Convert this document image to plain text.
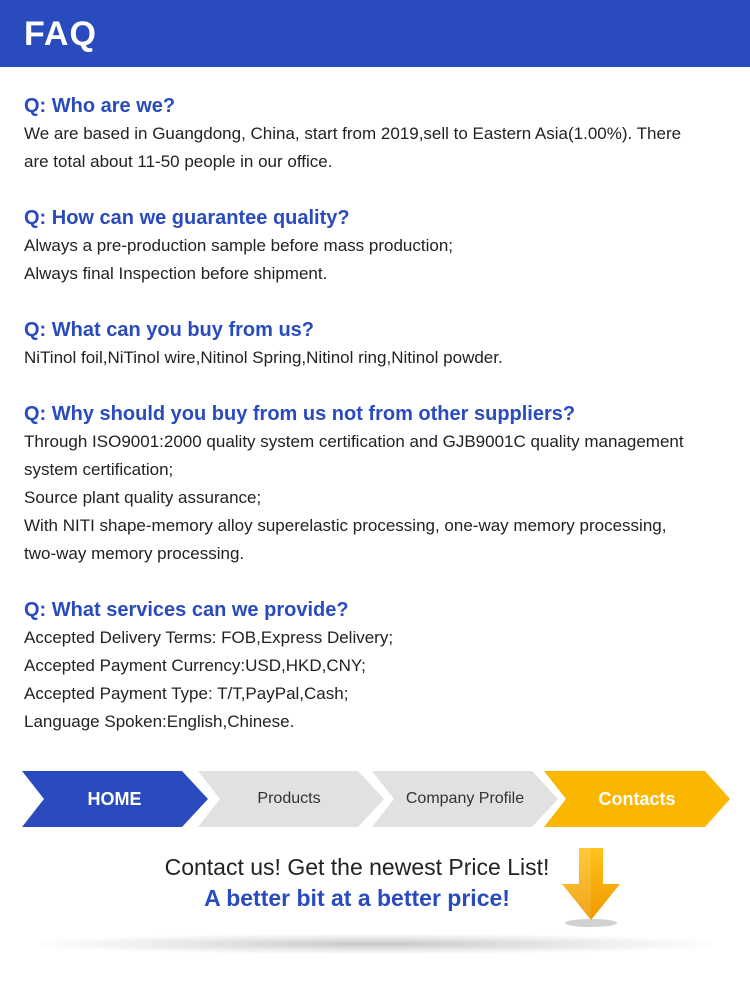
FAQ
Q: Who are we?
We are based in Guangdong, China, start from 2019,sell to Eastern Asia(1.00%). There
are total about 11-50 people in our office.
Q: How can we guarantee quality?
Always a pre-production sample before mass production;
Always final Inspection before shipment.
Q: What can you buy from us?
NiTinol foil,NiTinol wire,Nitinol Spring,Nitinol ring,Nitinol powder.
Q: Why should you buy from us not from other suppliers?
Through ISO9001:2000 quality system certification and GJB9001C quality management
system certification;
Source plant quality assurance;
With NITI shape-memory alloy superelastic processing, one-way memory processing,
two-way memory processing.
Q: What services can we provide?
Accepted Delivery Terms: FOB,Express Delivery;
Accepted Payment Currency:USD,HKD,CNY;
Accepted Payment Type: T/T,PayPal,Cash;
Language Spoken:English,Chinese.
HOME	Products	Company Profile	Contacts
Contact us! Get the newest Price List!
A better bit at a better price!
